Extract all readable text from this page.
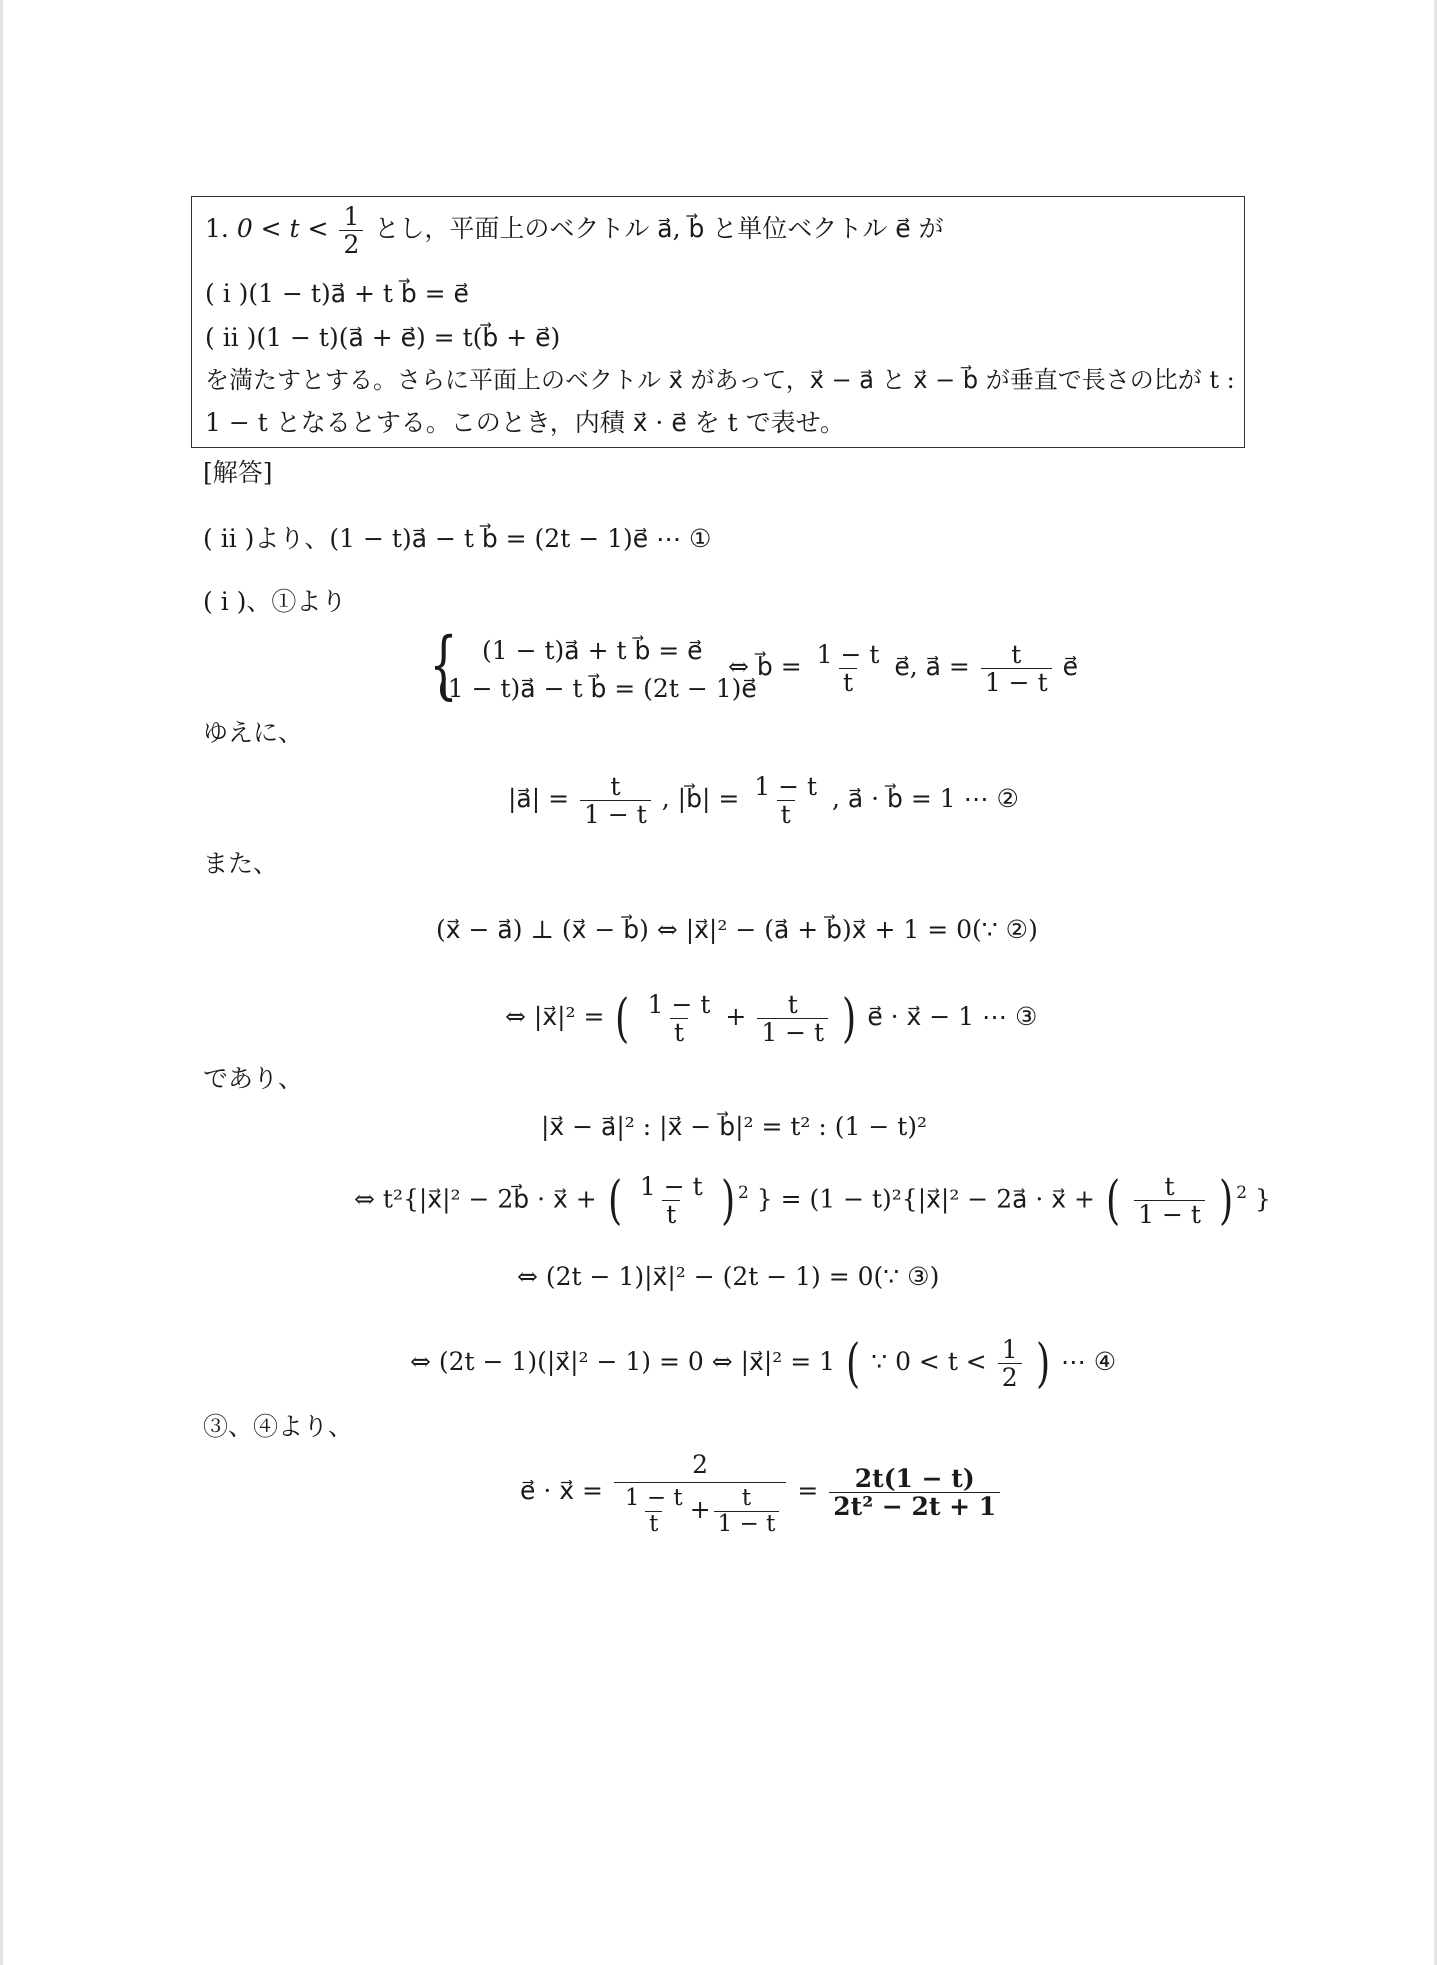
1. $0 < t < \frac{1}{2}$ とし，平面上のベクトル a⃗, b⃗ と単位ベクトル e⃗ が
( i )(1 − t)a⃗ + t b⃗ = e⃗
( ii )(1 − t)(a⃗ + e⃗) = t(b⃗ + e⃗)
を満たすとする。さらに平面上のベクトル x⃗ があって，x⃗ − a⃗ と x⃗ − b⃗ が垂直で長さの比が t :
1 − t となるとする。このとき，内積 x⃗ · e⃗ を t で表せ。
[解答]
( ii )より、(1 − t)a⃗ − t b⃗ = (2t − 1)e⃗ ⋯ ①
( i )、①より
{ (1 − t)a⃗ + t b⃗ = e⃗
(1 − t)a⃗ − t b⃗ = (2t − 1)e⃗
⇔ b⃗ = $\frac{1 - t}{t}$ e⃗, a⃗ = $\frac{t}{1 - t}$ e⃗
ゆえに、
|a⃗| = $\frac{t}{1 - t}$ , |b⃗| = $\frac{1 - t}{t}$ , a⃗ · b⃗ = 1 ⋯ ②
また、
(x⃗ − a⃗) ⊥ (x⃗ − b⃗) ⇔ |x⃗|² − (a⃗ + b⃗)x⃗ + 1 = 0(∵ ②)
⇔ |x⃗|² = ( $\frac{1 - t}{t} + \frac{t}{1 - t}$ ) e⃗ · x⃗ − 1 ⋯ ③
であり、
|x⃗ − a⃗|² : |x⃗ − b⃗|² = t² : (1 − t)²
⇔ t²{|x⃗|² − 2b⃗ · x⃗ + ( $\frac{1 - t}{t}$ ) $^2$ } = (1 − t)²{|x⃗|² − 2a⃗ · x⃗ + ( $\frac{t}{1 - t}$ ) $^2$ }
⇔ (2t − 1)|x⃗|² − (2t − 1) = 0(∵ ③)
⇔ (2t − 1)(|x⃗|² − 1) = 0 ⇔ |x⃗|² = 1 ( ∵ $0 < t < \frac{1}{2}$ ) ⋯ ④
③、④より、
e⃗ · x⃗ = $\frac{2}{\frac{1 - t}{t} + \frac{t}{1 - t}} = \frac{2t(1 - t)}{\text{2t² − 2t + 1}}$
